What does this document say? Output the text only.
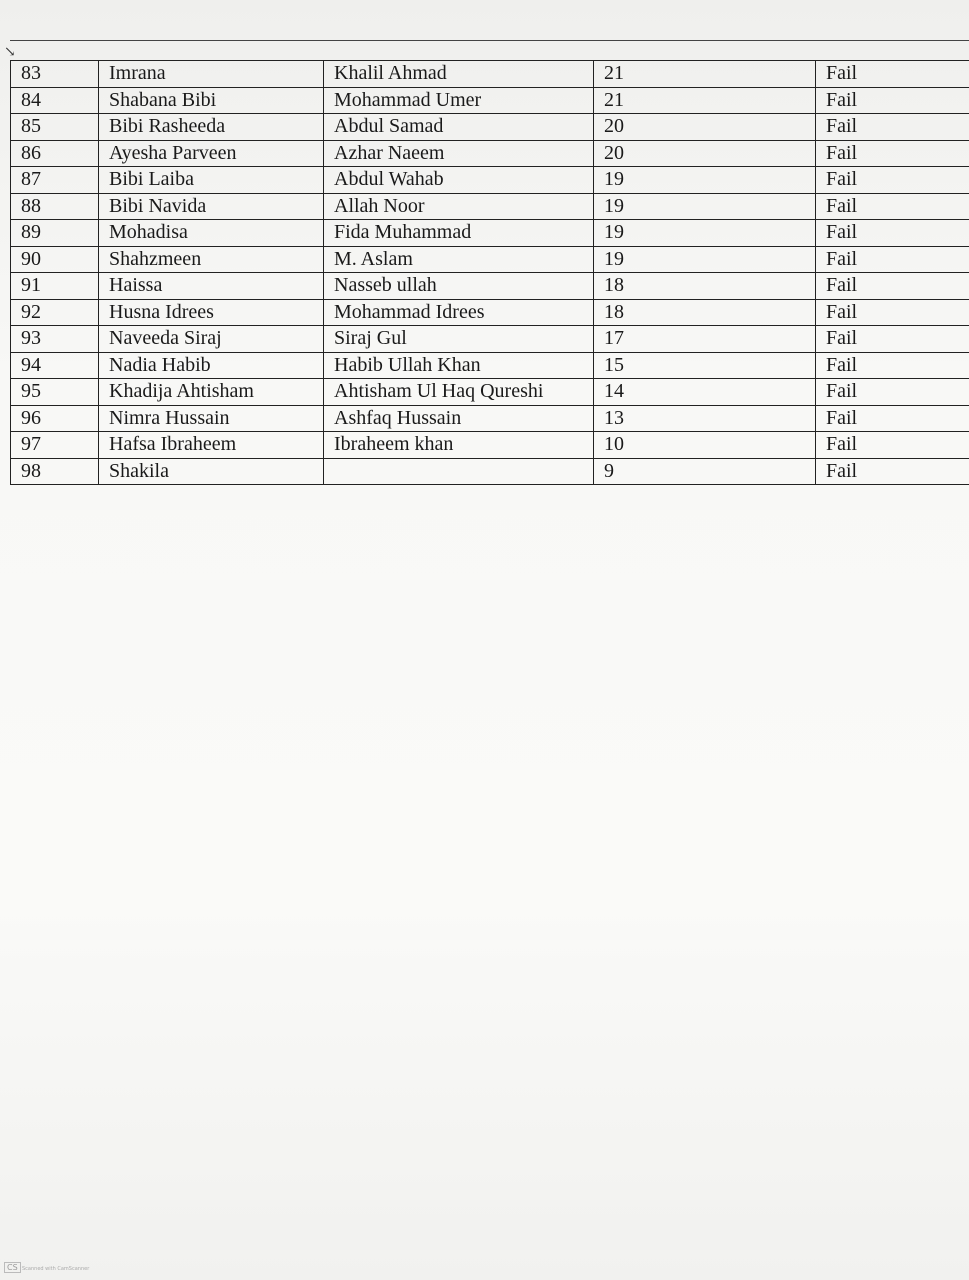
↘
83	Imrana	Khalil Ahmad	21	Fail
84	Shabana Bibi	Mohammad Umer	21	Fail
85	Bibi Rasheeda	Abdul Samad	20	Fail
86	Ayesha Parveen	Azhar Naeem	20	Fail
87	Bibi Laiba	Abdul Wahab	19	Fail
88	Bibi Navida	Allah Noor	19	Fail
89	Mohadisa	Fida Muhammad	19	Fail
90	Shahzmeen	M. Aslam	19	Fail
91	Haissa	Nasseb ullah	18	Fail
92	Husna Idrees	Mohammad Idrees	18	Fail
93	Naveeda Siraj	Siraj Gul	17	Fail
94	Nadia Habib	Habib Ullah Khan	15	Fail
95	Khadija Ahtisham	Ahtisham Ul Haq Qureshi	14	Fail
96	Nimra Hussain	Ashfaq Hussain	13	Fail
97	Hafsa Ibraheem	Ibraheem khan	10	Fail
98	Shakila		9	Fail
CS Scanned with CamScanner
